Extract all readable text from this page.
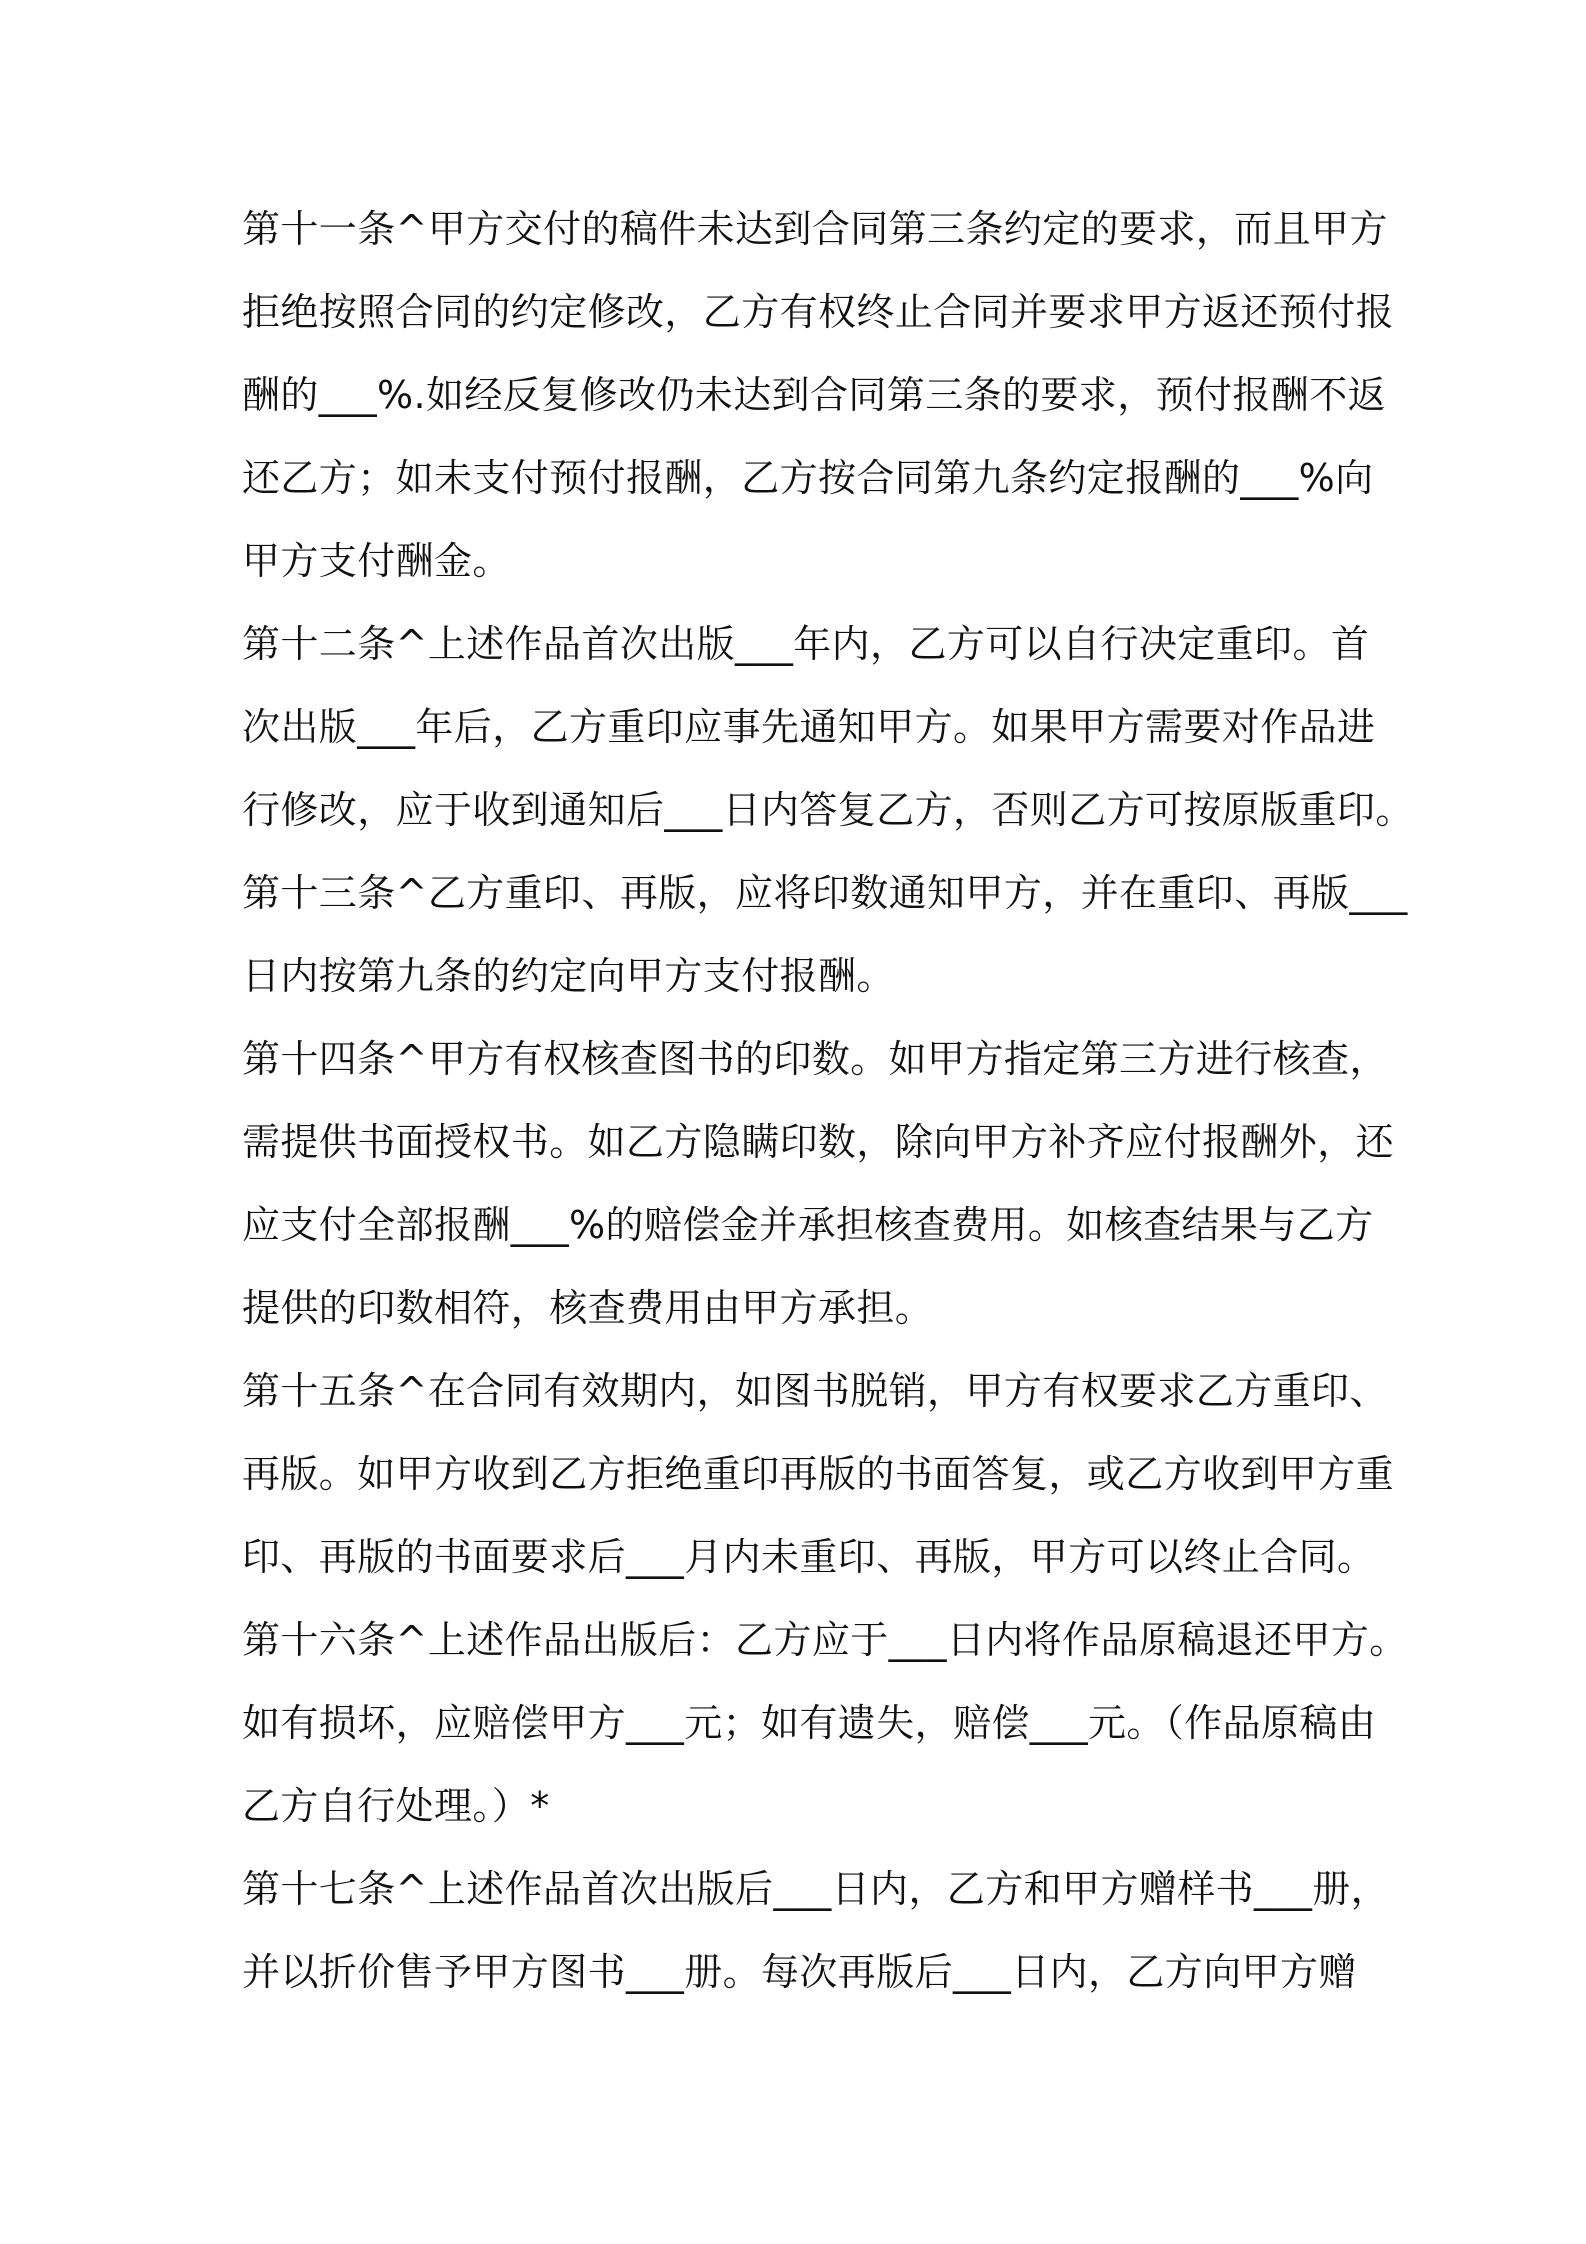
第十一条^甲方交付的稿件未达到合同第三条约定的要求，而且甲方
拒绝按照合同的约定修改，乙方有权终止合同并要求甲方返还预付报
酬的___%.如经反复修改仍未达到合同第三条的要求，预付报酬不返
还乙方；如未支付预付报酬，乙方按合同第九条约定报酬的___%向
甲方支付酬金。
第十二条^上述作品首次出版___年内，乙方可以自行决定重印。首
次出版___年后，乙方重印应事先通知甲方。如果甲方需要对作品进
行修改，应于收到通知后___日内答复乙方，否则乙方可按原版重印。
第十三条^乙方重印、再版，应将印数通知甲方，并在重印、再版___
日内按第九条的约定向甲方支付报酬。
第十四条^甲方有权核查图书的印数。如甲方指定第三方进行核查，
需提供书面授权书。如乙方隐瞒印数，除向甲方补齐应付报酬外，还
应支付全部报酬___%的赔偿金并承担核查费用。如核查结果与乙方
提供的印数相符，核查费用由甲方承担。
第十五条^在合同有效期内，如图书脱销，甲方有权要求乙方重印、
再版。如甲方收到乙方拒绝重印再版的书面答复，或乙方收到甲方重
印、再版的书面要求后___月内未重印、再版，甲方可以终止合同。
第十六条^上述作品出版后：乙方应于___日内将作品原稿退还甲方。
如有损坏，应赔偿甲方___元；如有遗失，赔偿___元。（作品原稿由
乙方自行处理。）*
第十七条^上述作品首次出版后___日内，乙方和甲方赠样书___册，
并以折价售予甲方图书___册。每次再版后___日内，乙方向甲方赠
